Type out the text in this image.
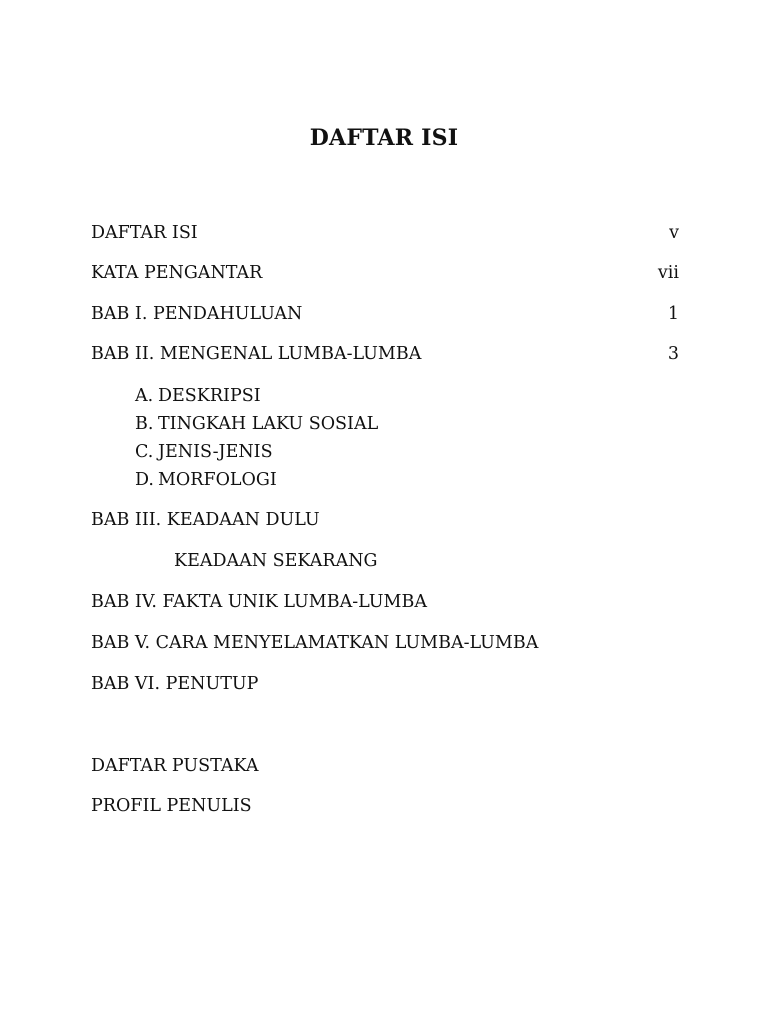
DAFTAR ISI
DAFTAR ISI	v
KATA PENGANTAR	vii
BAB I. PENDAHULUAN	1
BAB II. MENGENAL LUMBA-LUMBA	3
A. DESKRIPSI
B. TINGKAH LAKU SOSIAL
C. JENIS-JENIS
D. MORFOLOGI
BAB III. KEADAAN DULU
KEADAAN SEKARANG
BAB IV. FAKTA UNIK LUMBA-LUMBA
BAB V. CARA MENYELAMATKAN LUMBA-LUMBA
BAB VI. PENUTUP
DAFTAR PUSTAKA
PROFIL PENULIS
